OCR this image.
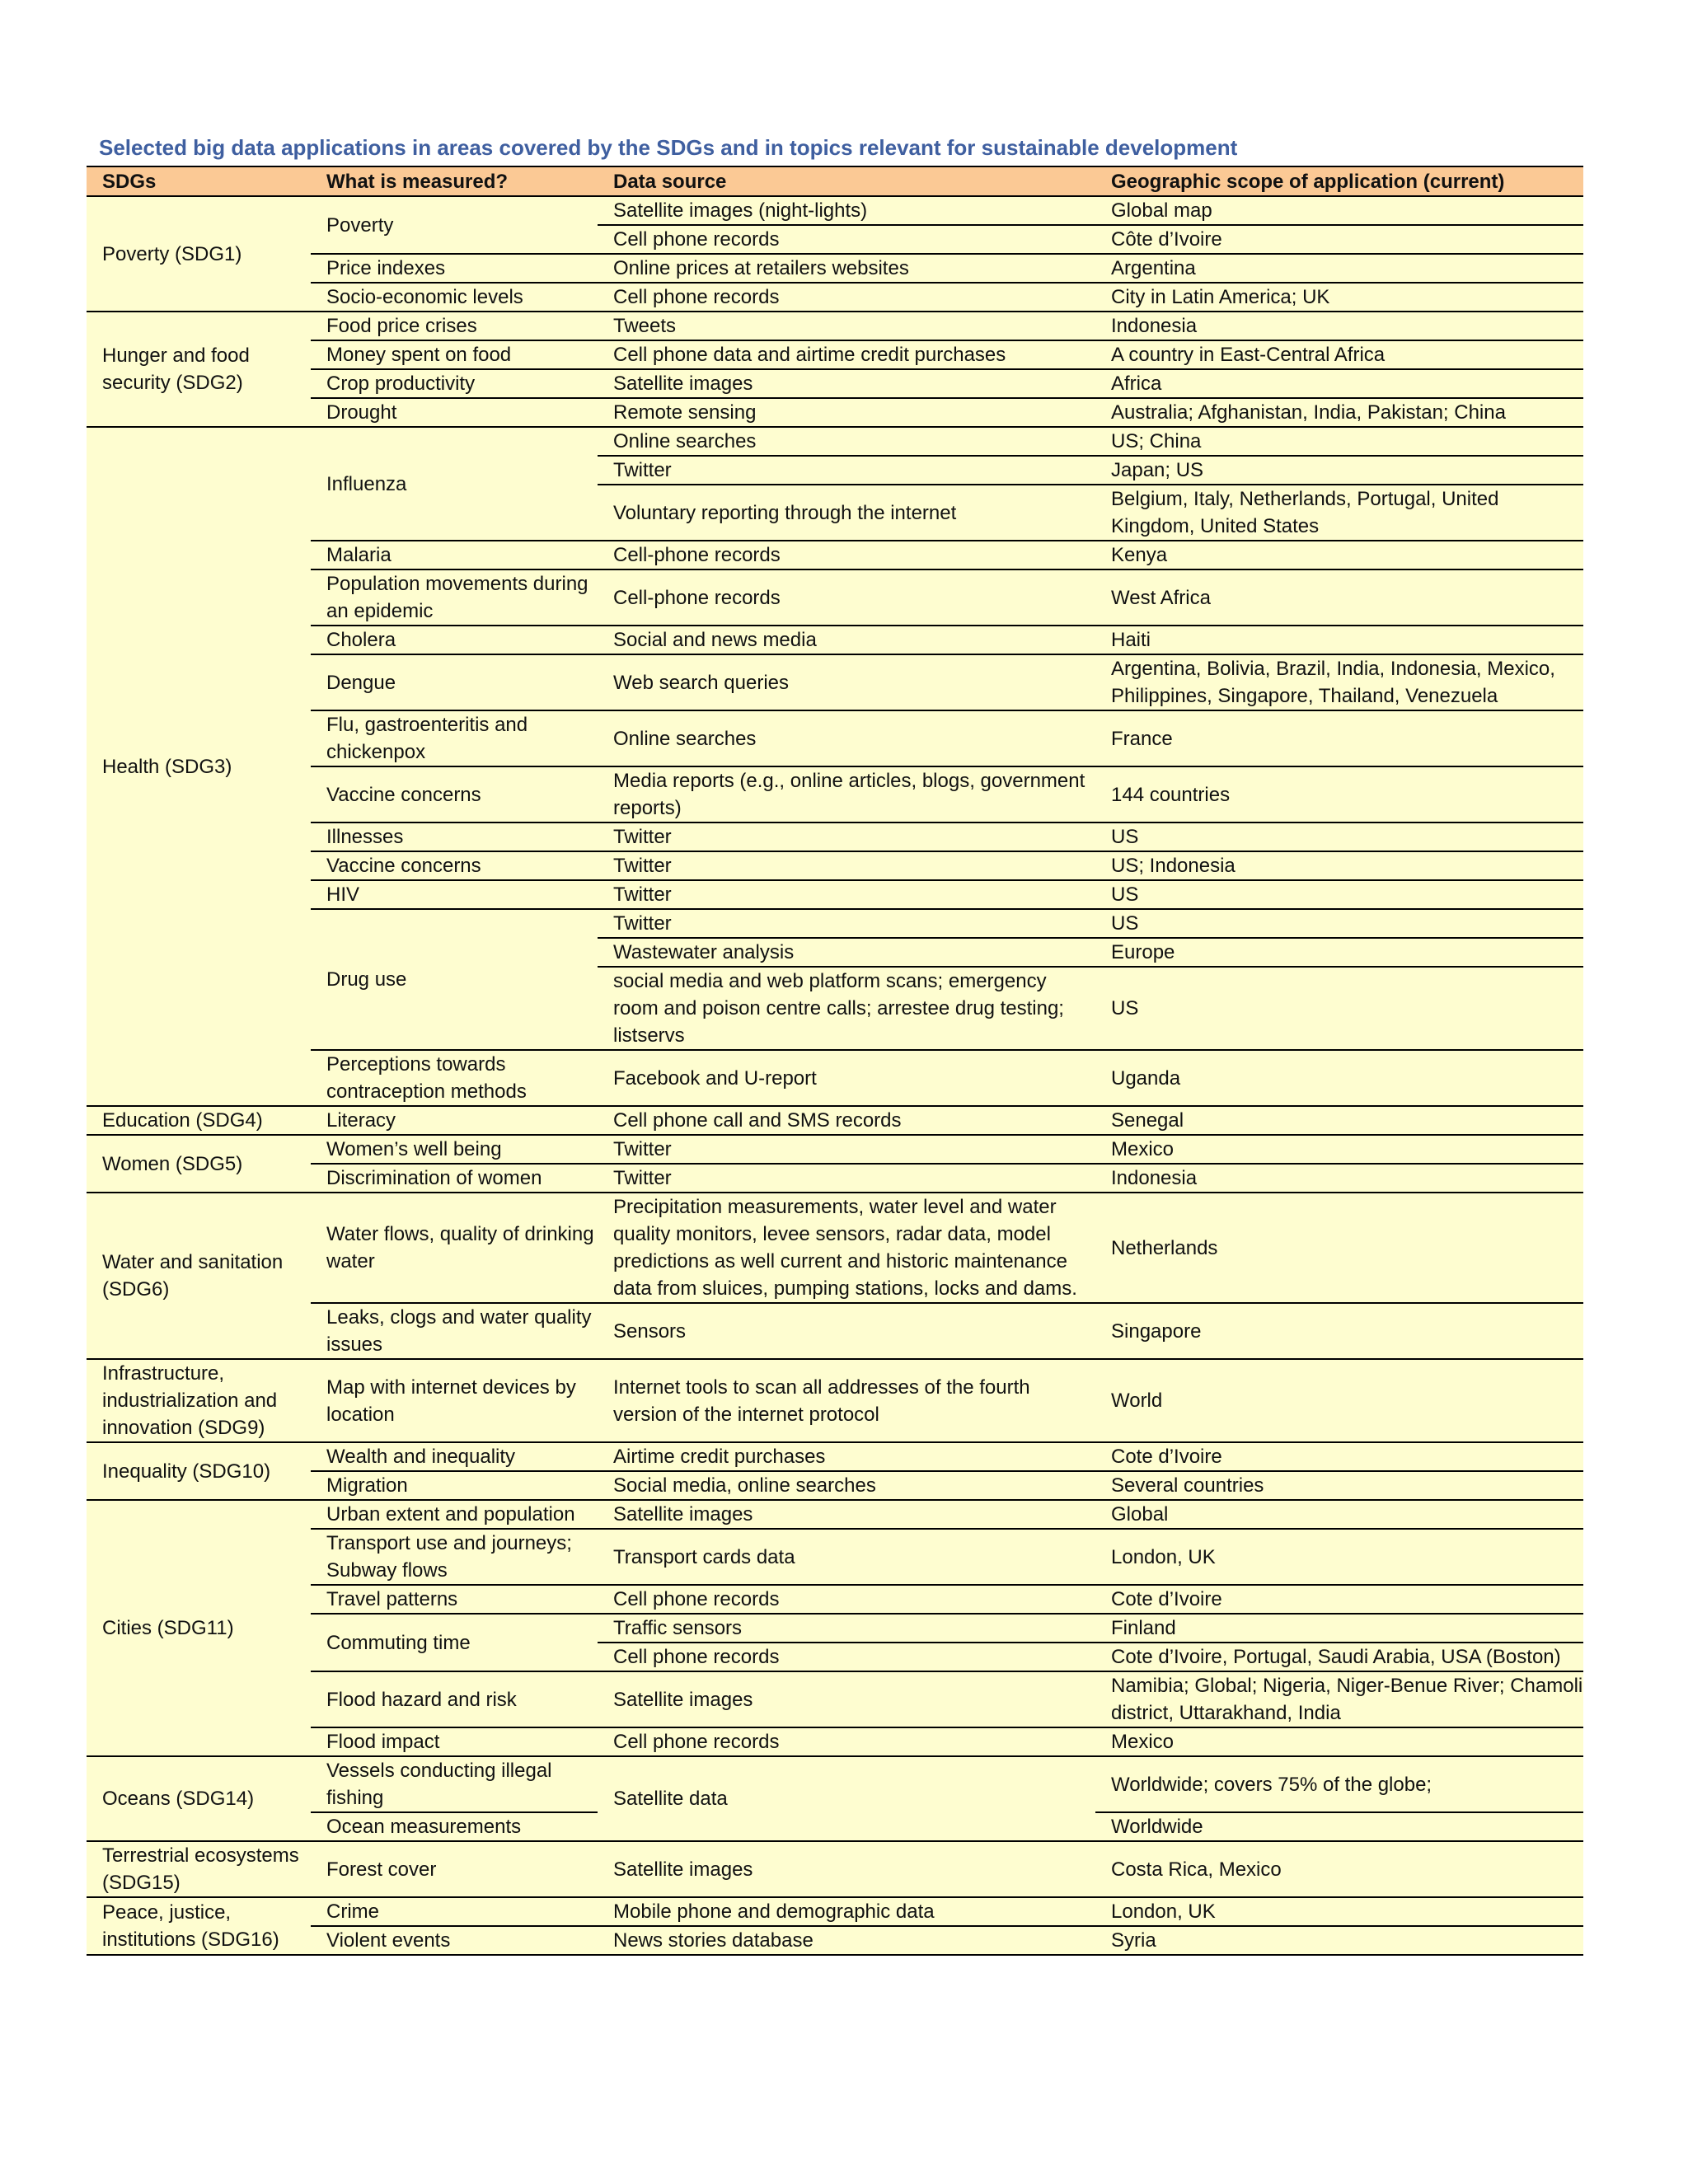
Selected big data applications in areas covered by the SDGs and in topics relevant for sustainable development
SDGs	What is measured?	Data source	Geographic scope of application (current)
Poverty (SDG1)	Poverty	Satellite images (night-lights)	Global map
		Cell phone records	Côte d’Ivoire
	Price indexes	Online prices at retailers websites	Argentina
	Socio-economic levels	Cell phone records	City in Latin America; UK
Hunger and food security (SDG2)	Food price crises	Tweets	Indonesia
	Money spent on food	Cell phone data and airtime credit purchases	A country in East-Central Africa
	Crop productivity	Satellite images	Africa
	Drought	Remote sensing	Australia; Afghanistan, India, Pakistan; China
Health (SDG3)	Influenza	Online searches	US; China
		Twitter	Japan; US
		Voluntary reporting through the internet	Belgium, Italy, Netherlands, Portugal, United Kingdom, United States
	Malaria	Cell-phone records	Kenya
	Population movements during an epidemic	Cell-phone records	West Africa
	Cholera	Social and news media	Haiti
	Dengue	Web search queries	Argentina, Bolivia, Brazil, India, Indonesia, Mexico, Philippines, Singapore, Thailand, Venezuela
	Flu, gastroenteritis and chickenpox	Online searches	France
	Vaccine concerns	Media reports (e.g., online articles, blogs, government reports)	144 countries
	Illnesses	Twitter	US
	Vaccine concerns	Twitter	US; Indonesia
	HIV	Twitter	US
	Drug use	Twitter	US
		Wastewater analysis	Europe
		social media and web platform scans; emergency room and poison centre calls; arrestee drug testing; listservs	US
	Perceptions towards contraception methods	Facebook and U-report	Uganda
Education (SDG4)	Literacy	Cell phone call and SMS records	Senegal
Women (SDG5)	Women’s well being	Twitter	Mexico
	Discrimination of women	Twitter	Indonesia
Water and sanitation (SDG6)	Water flows, quality of drinking water	Precipitation measurements, water level and water quality monitors, levee sensors, radar data, model predictions as well current and historic maintenance data from sluices, pumping stations, locks and dams.	Netherlands
	Leaks, clogs and water quality issues	Sensors	Singapore
Infrastructure, industrialization and innovation (SDG9)	Map with internet devices by location	Internet tools to scan all addresses of the fourth version of the internet protocol	World
Inequality (SDG10)	Wealth and inequality	Airtime credit purchases	Cote d’Ivoire
	Migration	Social media, online searches	Several countries
Cities (SDG11)	Urban extent and population	Satellite images	Global
	Transport use and journeys; Subway flows	Transport cards data	London, UK
	Travel patterns	Cell phone records	Cote d’Ivoire
	Commuting time	Traffic sensors	Finland
		Cell phone records	Cote d’Ivoire, Portugal, Saudi Arabia, USA (Boston)
	Flood hazard and risk	Satellite images	Namibia; Global; Nigeria, Niger-Benue River; Chamoli district, Uttarakhand, India
	Flood impact	Cell phone records	Mexico
Oceans (SDG14)	Vessels conducting illegal fishing	Satellite data	Worldwide; covers 75% of the globe;
	Ocean measurements		Worldwide
Terrestrial ecosystems (SDG15)	Forest cover	Satellite images	Costa Rica, Mexico
Peace, justice, institutions (SDG16)	Crime	Mobile phone and demographic data	London, UK
	Violent events	News stories database	Syria
